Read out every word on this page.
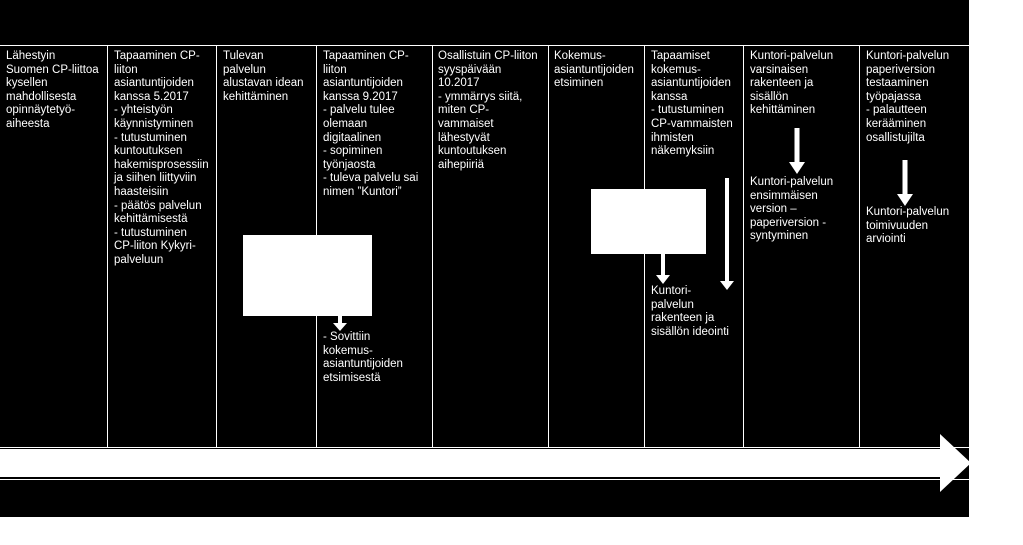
Lähestyin
Suomen CP-liittoa
kysellen
mahdollisesta
opinnäytetyö-
aiheesta
Tapaaminen CP-
liiton
asiantuntijoiden
kanssa 5.2017
- yhteistyön
käynnistyminen
- tutustuminen
kuntoutuksen
hakemisprosessiin
ja siihen liittyviin
haasteisiin
- päätös palvelun
kehittämisestä
- tutustuminen
CP-liiton Kykyri-
palveluun
Tulevan
palvelun
alustavan idean
kehittäminen
Tapaaminen CP-
liiton
asiantuntijoiden
kanssa 9.2017
- palvelu tulee
olemaan
digitaalinen
- sopiminen
työnjaosta
- tuleva palvelu sai
nimen ”Kuntori”
Osallistuin CP-liiton
syyspäivään
10.2017
- ymmärrys siitä,
miten CP-
vammaiset
lähestyvät
kuntoutuksen
aihepiiriä
Kokemus-
asiantuntijoiden
etsiminen
Tapaamiset
kokemus-
asiantuntijoiden
kanssa
- tutustuminen
CP-vammaisten
ihmisten
näkemyksiin
Kuntori-palvelun
varsinaisen
rakenteen ja
sisällön
kehittäminen
Kuntori-palvelun
paperiversion
testaaminen
työpajassa
- palautteen
kerääminen
osallistujilta
- Sovittiin
kokemus-
asiantuntijoiden
etsimisestä
Kuntori-
palvelun
rakenteen ja
sisällön ideointi
Kuntori-palvelun
ensimmäisen
version –
paperiversion -
syntyminen
Kuntori-palvelun
toimivuuden
arviointi
